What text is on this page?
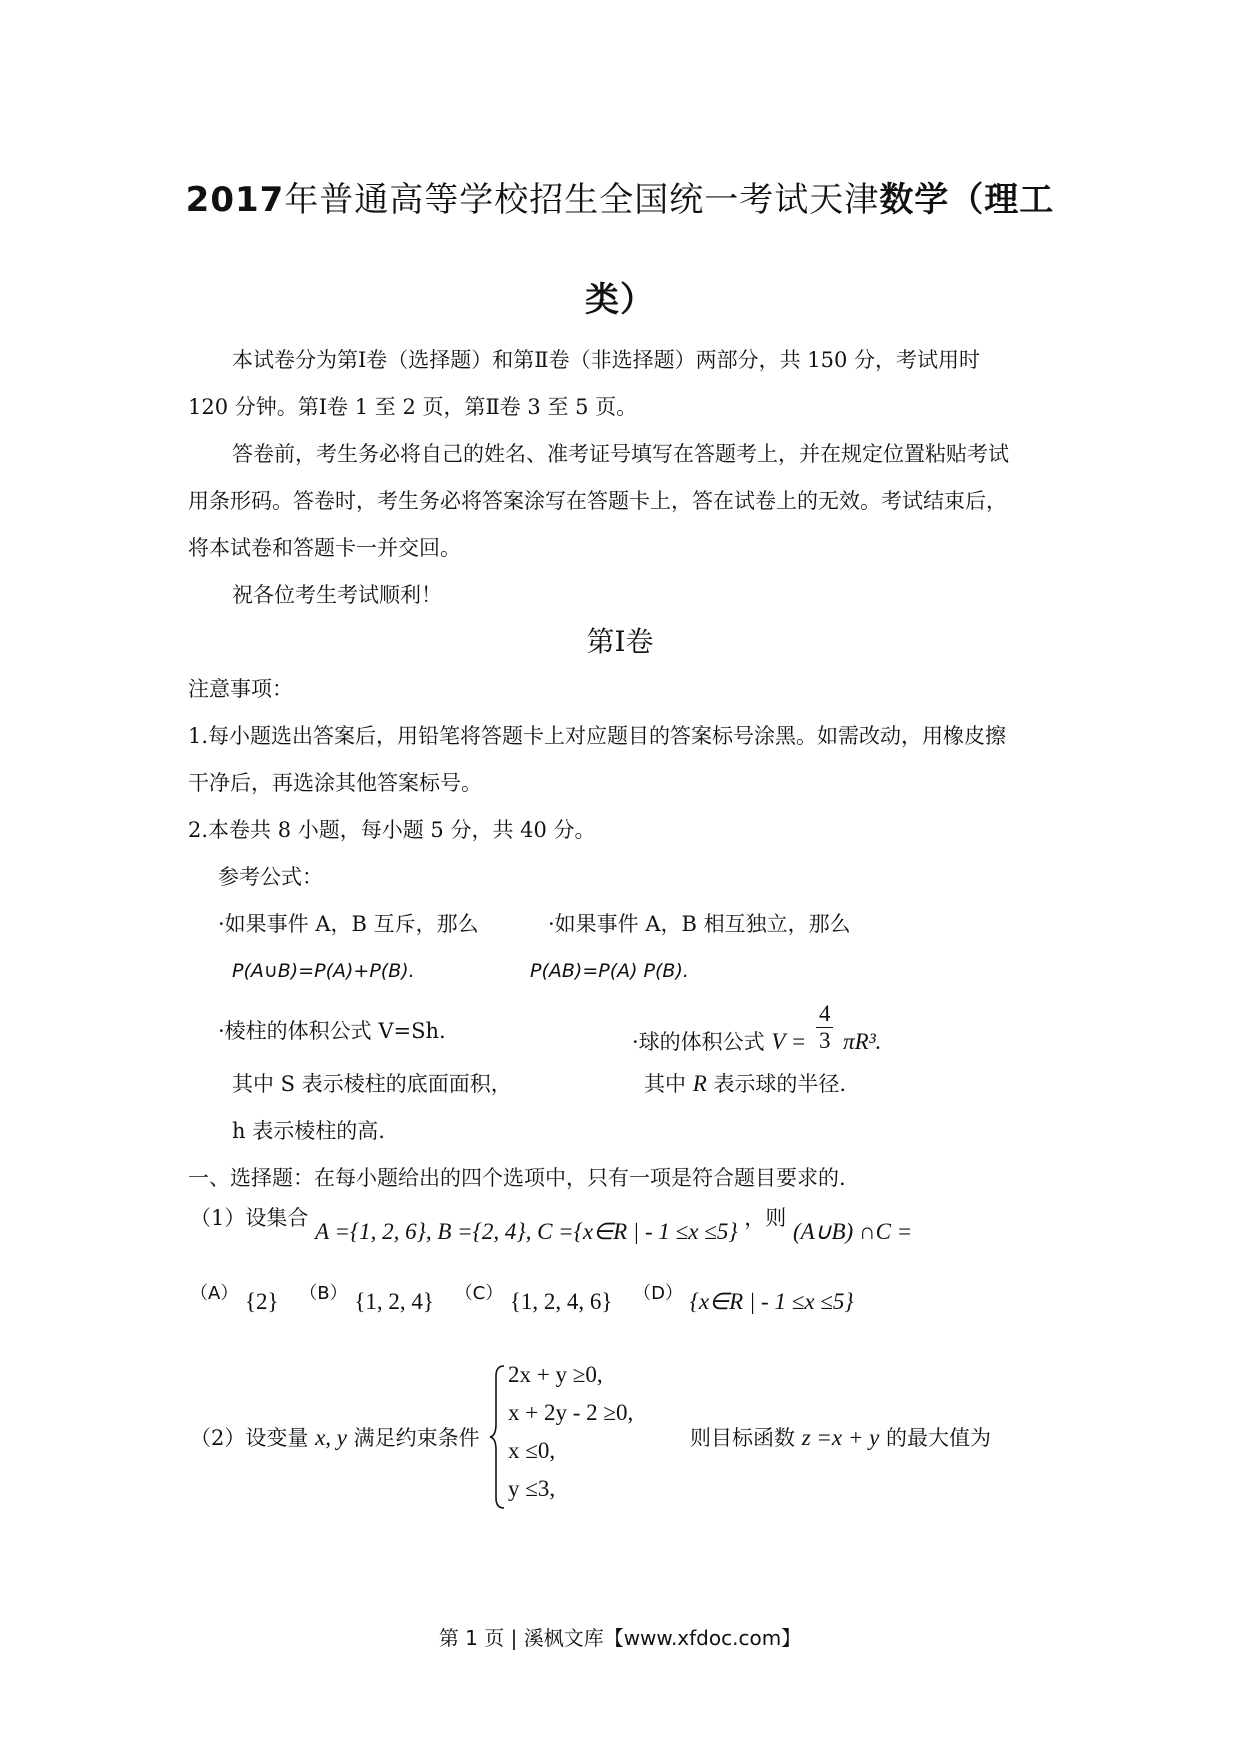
2017年普通高等学校招生全国统一考试天津数学（理工
类）
本试卷分为第Ⅰ卷（选择题）和第Ⅱ卷（非选择题）两部分，共 150 分，考试用时
120 分钟。第Ⅰ卷 1 至 2 页，第Ⅱ卷 3 至 5 页。
答卷前，考生务必将自己的姓名、准考证号填写在答题考上，并在规定位置粘贴考试
用条形码。答卷时，考生务必将答案涂写在答题卡上，答在试卷上的无效。考试结束后，
将本试卷和答题卡一并交回。
祝各位考生考试顺利！
第Ⅰ卷
注意事项：
1.每小题选出答案后，用铅笔将答题卡上对应题目的答案标号涂黑。如需改动，用橡皮擦
干净后，再选涂其他答案标号。
2.本卷共 8 小题，每小题 5 分，共 40 分。
参考公式：
·如果事件 A，B 互斥，那么	·如果事件 A，B 相互独立，那么
P(A∪B)=P(A)+P(B).	P(AB)=P(A) P(B).
·棱柱的体积公式 V=Sh.	·球的体积公式 $V = \frac{4}{3} \pi R^3$.
其中 S 表示棱柱的底面面积，	其中 R 表示球的半径.
h 表示棱柱的高.
一、选择题：在每小题给出的四个选项中，只有一项是符合题目要求的.
（1）设集合 A ={1, 2, 6}, B ={2, 4}, C ={x∈R | - 1 ≤x ≤5} ，则 (A∪B) ∩C =
（A） {2} （B） {1, 2, 4} （C） {1, 2, 4, 6} （D） {x∈R | - 1 ≤x ≤5}
（2）设变量 x, y 满足约束条件
2x + y ≥0,
x + 2y - 2 ≥0,
x ≤0,
y ≤3,
则目标函数 z =x + y 的最大值为
第 1 页 | 溪枫文库【www.xfdoc.com】
